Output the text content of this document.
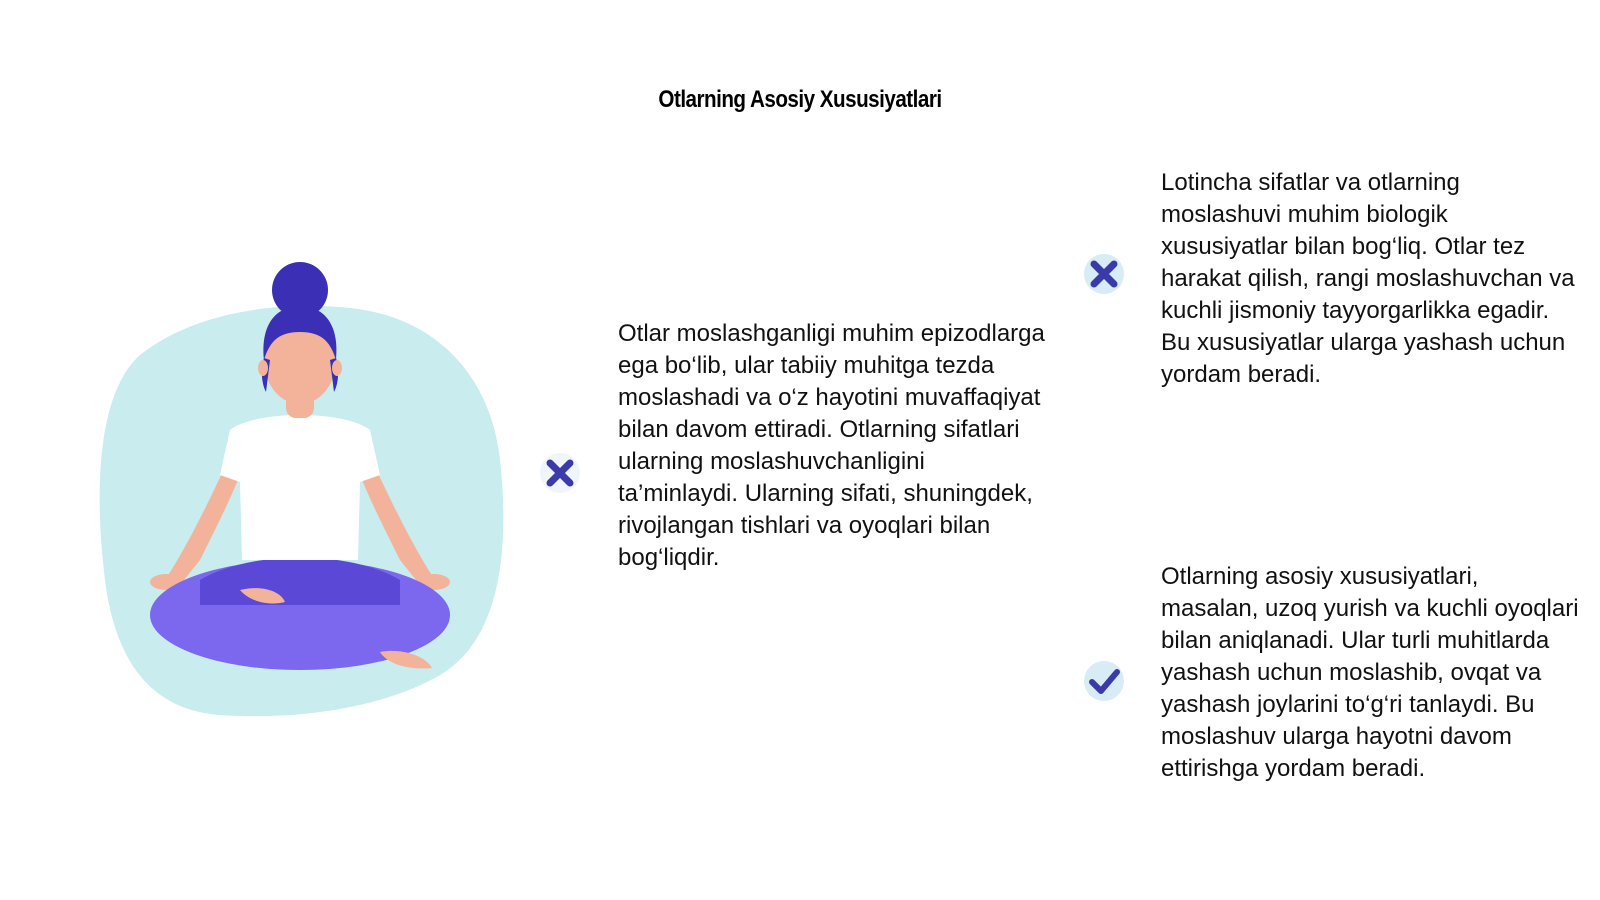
Otlarning Asosiy Xususiyatlari
Otlar moslashganligi muhim epizodlarga ega bo‘lib, ular tabiiy muhitga tezda moslashadi va o‘z hayotini muvaffaqiyat bilan davom ettiradi. Otlarning sifatlari ularning moslashuvchanligini ta’minlaydi. Ularning sifati, shuningdek, rivojlangan tishlari va oyoqlari bilan bog‘liqdir.
Lotincha sifatlar va otlarning moslashuvi muhim biologik xususiyatlar bilan bog‘liq. Otlar tez harakat qilish, rangi moslashuvchan va kuchli jismoniy tayyorgarlikka egadir. Bu xususiyatlar ularga yashash uchun yordam beradi.
Otlarning asosiy xususiyatlari, masalan, uzoq yurish va kuchli oyoqlari bilan aniqlanadi. Ular turli muhitlarda yashash uchun moslashib, ovqat va yashash joylarini to‘g‘ri tanlaydi. Bu moslashuv ularga hayotni davom ettirishga yordam beradi.
